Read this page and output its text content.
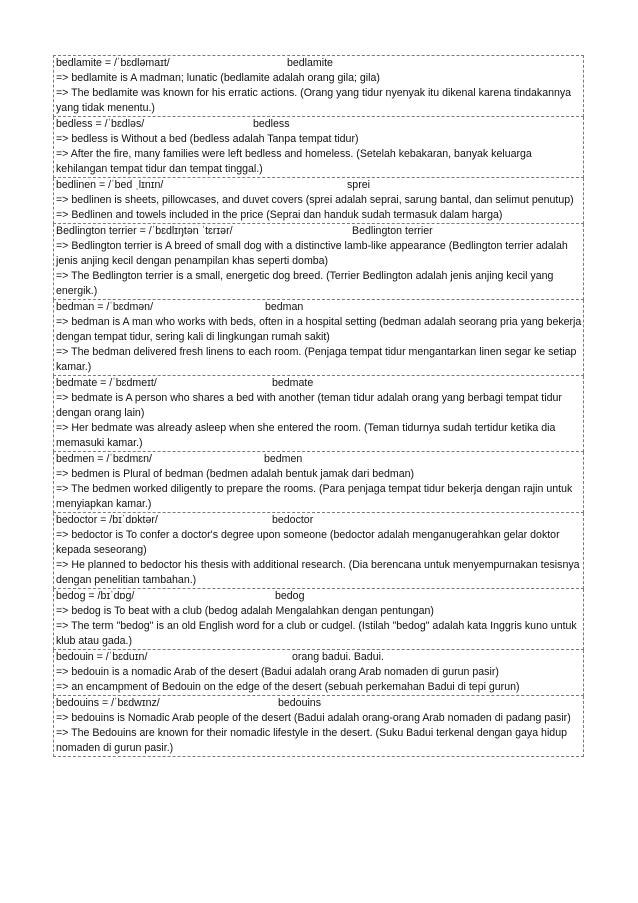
bedlamite = /ˈbɛdləmaɪt/	bedlamite
=> bedlamite is A madman; lunatic (bedlamite adalah orang gila; gila)
=> The bedlamite was known for his erratic actions. (Orang yang tidur nyenyak itu dikenal karena tindakannya yang tidak menentu.)
bedless = /ˈbɛdləs/	bedless
=> bedless is Without a bed (bedless adalah Tanpa tempat tidur)
=> After the fire, many families were left bedless and homeless. (Setelah kebakaran, banyak keluarga kehilangan tempat tidur dan tempat tinggal.)
bedlinen = /ˈbed ˌlɪnɪn/	sprei
=> bedlinen is sheets, pillowcases, and duvet covers (sprei adalah seprai, sarung bantal, dan selimut penutup)
=> Bedlinen and towels included in the price (Seprai dan handuk sudah termasuk dalam harga)
Bedlington terrier = /ˈbɛdlɪŋtən ˈtɛrɪər/	Bedlington terrier
=> Bedlington terrier is A breed of small dog with a distinctive lamb-like appearance (Bedlington terrier adalah jenis anjing kecil dengan penampilan khas seperti domba)
=> The Bedlington terrier is a small, energetic dog breed. (Terrier Bedlington adalah jenis anjing kecil yang energik.)
bedman = /ˈbɛdmən/	bedman
=> bedman is A man who works with beds, often in a hospital setting (bedman adalah seorang pria yang bekerja dengan tempat tidur, sering kali di lingkungan rumah sakit)
=> The bedman delivered fresh linens to each room. (Penjaga tempat tidur mengantarkan linen segar ke setiap kamar.)
bedmate = /ˈbɛdmeɪt/	bedmate
=> bedmate is A person who shares a bed with another (teman tidur adalah orang yang berbagi tempat tidur dengan orang lain)
=> Her bedmate was already asleep when she entered the room. (Teman tidurnya sudah tertidur ketika dia memasuki kamar.)
bedmen = /ˈbɛdmɛn/	bedmen
=> bedmen is Plural of bedman (bedmen adalah bentuk jamak dari bedman)
=> The bedmen worked diligently to prepare the rooms. (Para penjaga tempat tidur bekerja dengan rajin untuk menyiapkan kamar.)
bedoctor = /bɪˈdɒktər/	bedoctor
=> bedoctor is To confer a doctor's degree upon someone (bedoctor adalah menganugerahkan gelar doktor kepada seseorang)
=> He planned to bedoctor his thesis with additional research. (Dia berencana untuk menyempurnakan tesisnya dengan penelitian tambahan.)
bedog = /bɪˈdɒɡ/	bedog
=> bedog is To beat with a club (bedog adalah Mengalahkan dengan pentungan)
=> The term "bedog" is an old English word for a club or cudgel. (Istilah "bedog" adalah kata Inggris kuno untuk klub atau gada.)
bedouin = /ˈbɛduɪn/	orang badui. Badui.
=> bedouin is a nomadic Arab of the desert (Badui adalah orang Arab nomaden di gurun pasir)
=> an encampment of Bedouin on the edge of the desert (sebuah perkemahan Badui di tepi gurun)
bedouins = /ˈbɛdwɪnz/	bedouins
=> bedouins is Nomadic Arab people of the desert (Badui adalah orang-orang Arab nomaden di padang pasir)
=> The Bedouins are known for their nomadic lifestyle in the desert. (Suku Badui terkenal dengan gaya hidup nomaden di gurun pasir.)
